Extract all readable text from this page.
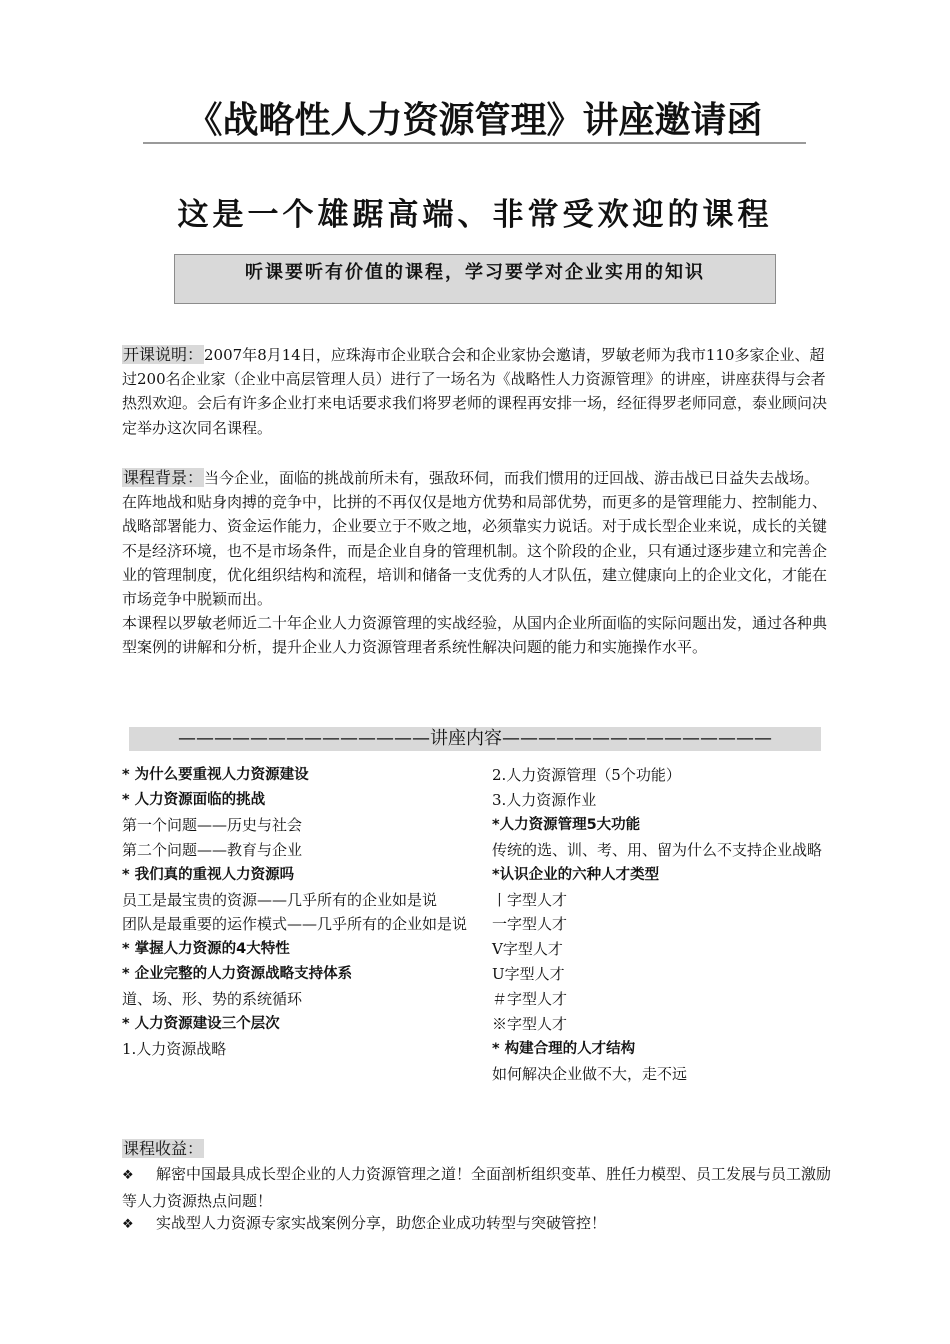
《战略性人力资源管理》讲座邀请函
这是一个雄踞高端、非常受欢迎的课程
听课要听有价值的课程，学习要学对企业实用的知识

开课说明：2007年8月14日，应珠海市企业联合会和企业家协会邀请，罗敏老师为我市110多家企业、超过200名企业家（企业中高层管理人员）进行了一场名为《战略性人力资源管理》的讲座，讲座获得与会者热烈欢迎。会后有许多企业打来电话要求我们将罗老师的课程再安排一场，经征得罗老师同意，泰业顾问决定举办这次同名课程。

课程背景：当今企业，面临的挑战前所未有，强敌环伺，而我们惯用的迂回战、游击战已日益失去战场。在阵地战和贴身肉搏的竞争中，比拼的不再仅仅是地方优势和局部优势，而更多的是管理能力、控制能力、战略部署能力、资金运作能力，企业要立于不败之地，必须靠实力说话。对于成长型企业来说，成长的关键不是经济环境，也不是市场条件，而是企业自身的管理机制。这个阶段的企业，只有通过逐步建立和完善企业的管理制度，优化组织结构和流程，培训和储备一支优秀的人才队伍，建立健康向上的企业文化，才能在市场竞争中脱颖而出。
本课程以罗敏老师近二十年企业人力资源管理的实战经验，从国内企业所面临的实际问题出发，通过各种典型案例的讲解和分析，提升企业人力资源管理者系统性解决问题的能力和实施操作水平。

——————————————讲座内容———————————————
* 为什么要重视人力资源建设
* 人力资源面临的挑战
第一个问题——历史与社会
第二个问题——教育与企业
* 我们真的重视人力资源吗
员工是最宝贵的资源——几乎所有的企业如是说
团队是最重要的运作模式——几乎所有的企业如是说
* 掌握人力资源的4大特性
* 企业完整的人力资源战略支持体系
道、场、形、势的系统循环
* 人力资源建设三个层次
1.人力资源战略
2.人力资源管理（5个功能）
3.人力资源作业
*人力资源管理5大功能
传统的选、训、考、用、留为什么不支持企业战略
*认识企业的六种人才类型
丨字型人才
一字型人才
V字型人才
U字型人才
＃字型人才
※字型人才
* 构建合理的人才结构
如何解决企业做不大，走不远
课程收益：

❖ 解密中国最具成长型企业的人力资源管理之道！全面剖析组织变革、胜任力模型、员工发展与员工激励等人力资源热点问题！

❖ 实战型人力资源专家实战案例分享，助您企业成功转型与突破管控！
